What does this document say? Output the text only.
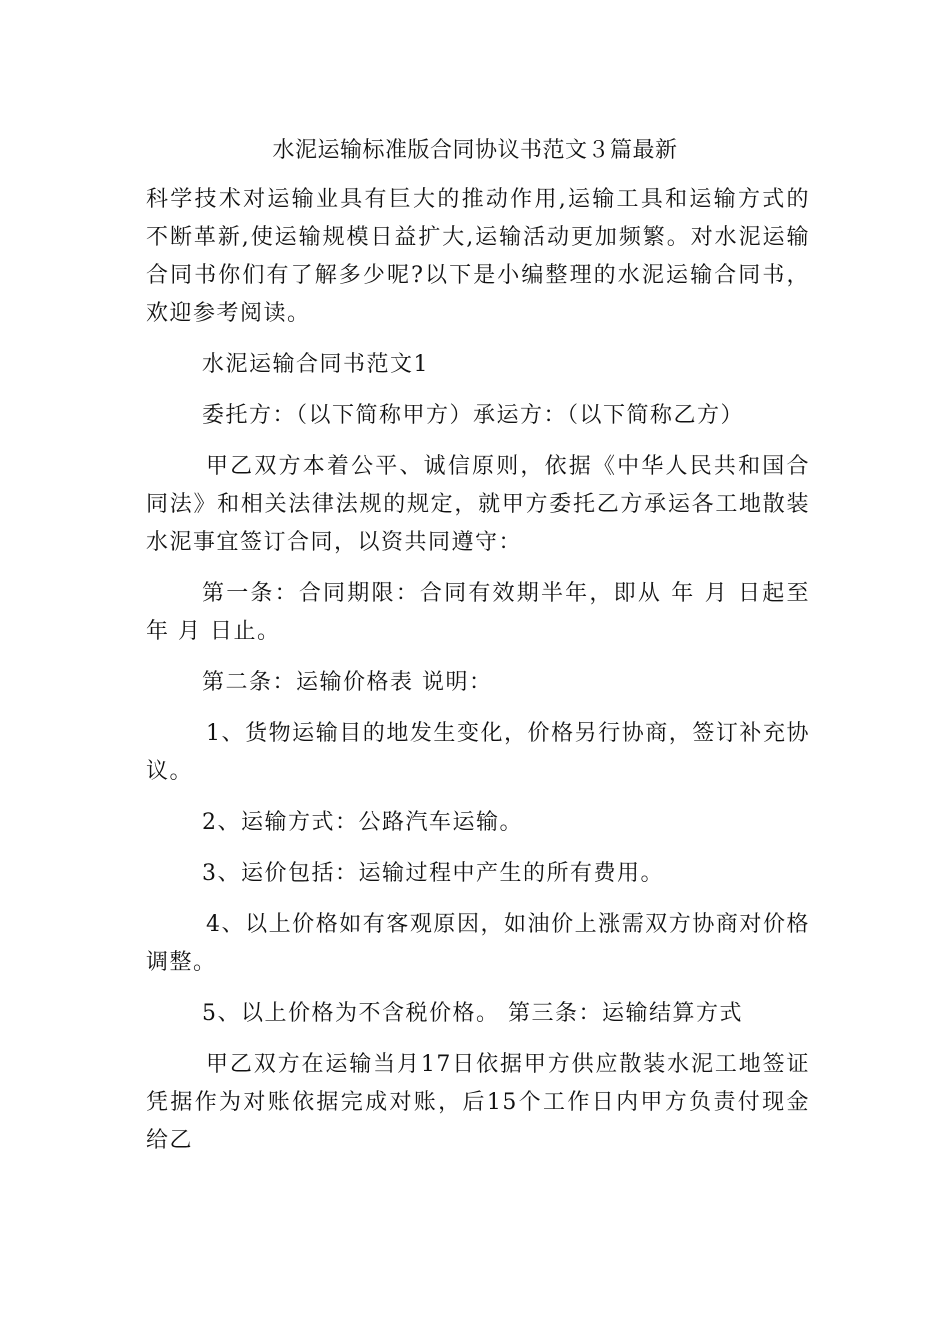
水泥运输标准版合同协议书范文３篇最新

科学技术对运输业具有巨大的推动作用,运输工具和运输方式的不断革新,使运输规模日益扩大,运输活动更加频繁。对水泥运输合同书你们有了解多少呢?以下是小编整理的水泥运输合同书，欢迎参考阅读。

水泥运输合同书范文1

委托方：（以下简称甲方）承运方：（以下简称乙方）

甲乙双方本着公平、诚信原则，依据《中华人民共和国合同法》和相关法律法规的规定，就甲方委托乙方承运各工地散装水泥事宜签订合同，以资共同遵守：

第一条：合同期限：合同有效期半年，即从 年 月 日起至 年 月 日止。

第二条：运输价格表 说明：

1、货物运输目的地发生变化，价格另行协商，签订补充协议。

2、运输方式：公路汽车运输。

3、运价包括：运输过程中产生的所有费用。

4、以上价格如有客观原因，如油价上涨需双方协商对价格调整。

5、以上价格为不含税价格。 第三条：运输结算方式

甲乙双方在运输当月17日依据甲方供应散装水泥工地签证凭据作为对账依据完成对账，后15个工作日内甲方负责付现金给乙
